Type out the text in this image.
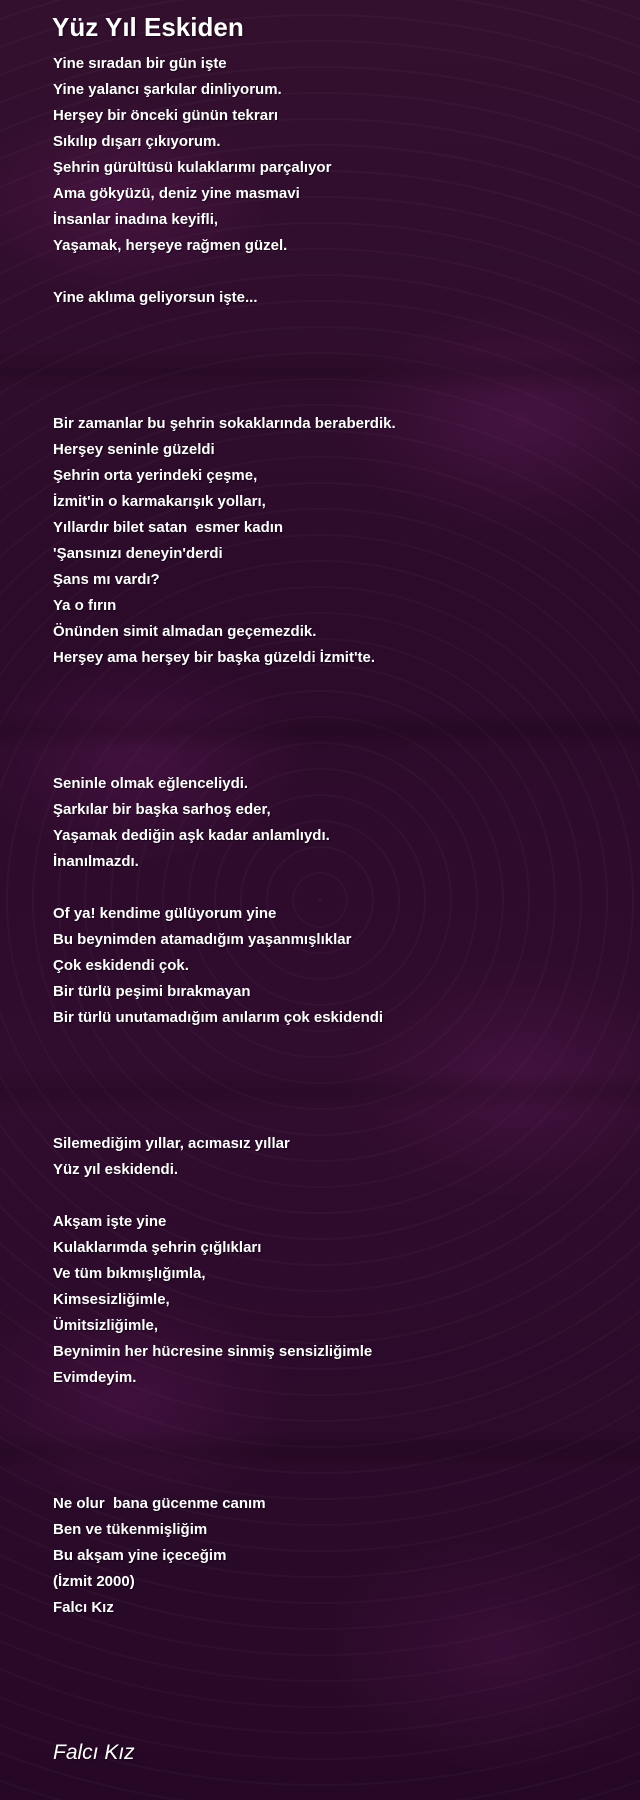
Yüz Yıl Eskiden
Yine sıradan bir gün işte
Yine yalancı şarkılar dinliyorum.
Herşey bir önceki günün tekrarı
Sıkılıp dışarı çıkıyorum.
Şehrin gürültüsü kulaklarımı parçalıyor
Ama gökyüzü, deniz yine masmavi
İnsanlar inadına keyifli,
Yaşamak, herşeye rağmen güzel.
Yine aklıma geliyorsun işte...
Bir zamanlar bu şehrin sokaklarında beraberdik.
Herşey seninle güzeldi
Şehrin orta yerindeki çeşme,
İzmit'in o karmakarışık yolları,
Yıllardır bilet satan  esmer kadın
'Şansınızı deneyin'derdi
Şans mı vardı?
Ya o fırın
Önünden simit almadan geçemezdik.
Herşey ama herşey bir başka güzeldi İzmit'te.
Seninle olmak eğlenceliydi.
Şarkılar bir başka sarhoş eder,
Yaşamak dediğin aşk kadar anlamlıydı.
İnanılmazdı.
Of ya! kendime gülüyorum yine
Bu beynimden atamadığım yaşanmışlıklar
Çok eskidendi çok.
Bir türlü peşimi bırakmayan
Bir türlü unutamadığım anılarım çok eskidendi
Silemediğim yıllar, acımasız yıllar
Yüz yıl eskidendi.
Akşam işte yine
Kulaklarımda şehrin çığlıkları
Ve tüm bıkmışlığımla,
Kimsesizliğimle,
Ümitsizliğimle,
Beynimin her hücresine sinmiş sensizliğimle
Evimdeyim.
Ne olur  bana gücenme canım
Ben ve tükenmişliğim
Bu akşam yine içeceğim
(İzmit 2000)
Falcı Kız
Falcı Kız
